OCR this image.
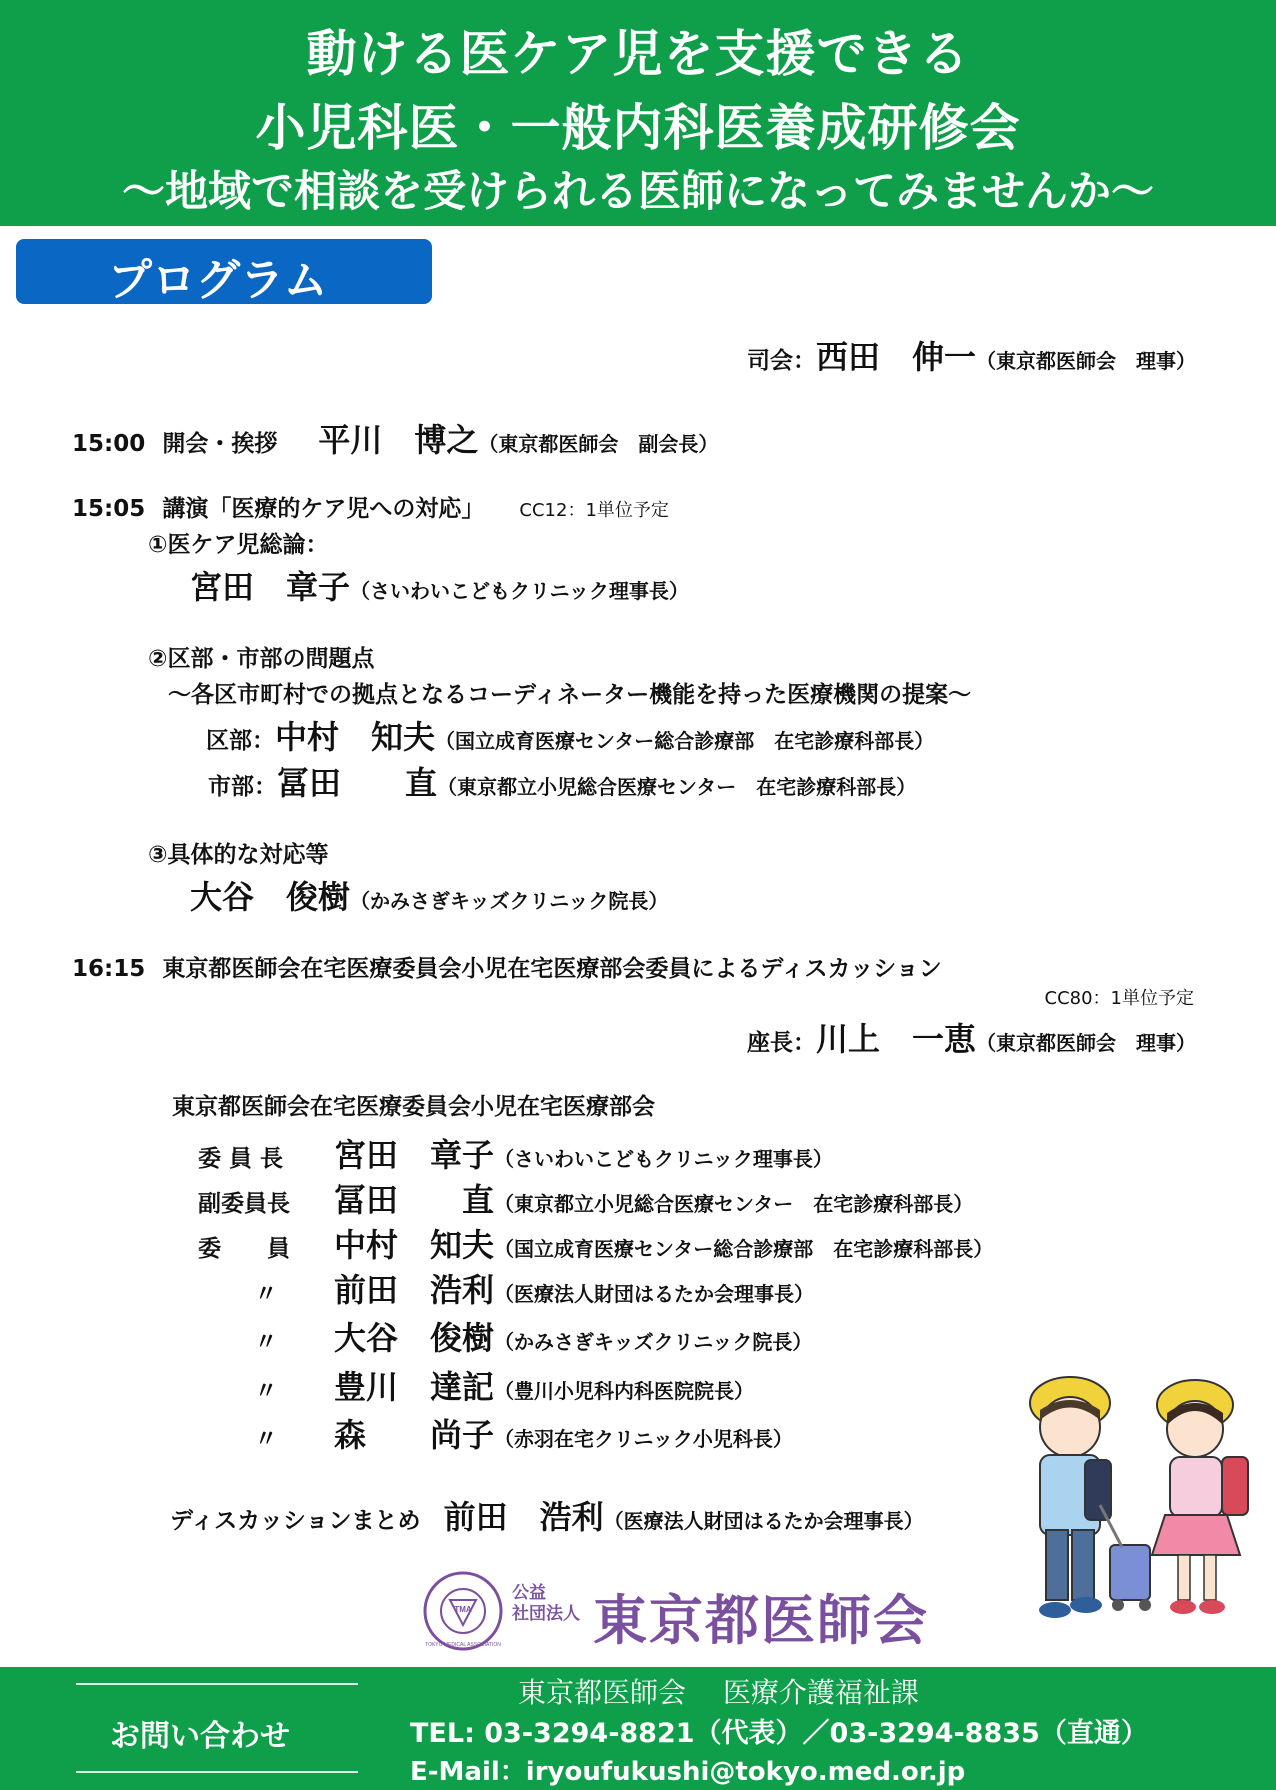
動ける医ケア児を支援できる
小児科医・一般内科医養成研修会
～地域で相談を受けられる医師になってみませんか～
プログラム
司会：西田　伸一（東京都医師会　理事）
15:00 開会・挨拶 平川　博之（東京都医師会　副会長）
15:05 講演「医療的ケア児への対応」 CC12：1単位予定
①医ケア児総論：
宮田　章子（さいわいこどもクリニック理事長）
②区部・市部の問題点
～各区市町村での拠点となるコーディネーター機能を持った医療機関の提案～
区部：中村　知夫（国立成育医療センター総合診療部　在宅診療科部長）
市部：冨田　　直（東京都立小児総合医療センター　在宅診療科部長）
③具体的な対応等
大谷　俊樹（かみさぎキッズクリニック院長）
16:15 東京都医師会在宅医療委員会小児在宅医療部会委員によるディスカッション
CC80：1単位予定
座長：川上　一恵（東京都医師会　理事）
東京都医師会在宅医療委員会小児在宅医療部会
委 員 長 宮田　章子（さいわいこどもクリニック理事長）
副委員長 冨田　　直（東京都立小児総合医療センター　在宅診療科部長）
委　　員 中村　知夫（国立成育医療センター総合診療部　在宅診療科部長）
〃 前田　浩利（医療法人財団はるたか会理事長）
〃 大谷　俊樹（かみさぎキッズクリニック院長）
〃 豊川　達記（豊川小児科内科医院院長）
〃 森　　尚子（赤羽在宅クリニック小児科長）
ディスカッションまとめ 前田　浩利（医療法人財団はるたか会理事長）
TMA
TOKYO MEDICAL ASSOCIATION
公益
社団法人 東京都医師会
お問い合わせ
東京都医師会　 医療介護福祉課
TEL: 03-3294-8821（代表）／03-3294-8835（直通）
E-Mail：iryoufukushi@tokyo.med.or.jp
